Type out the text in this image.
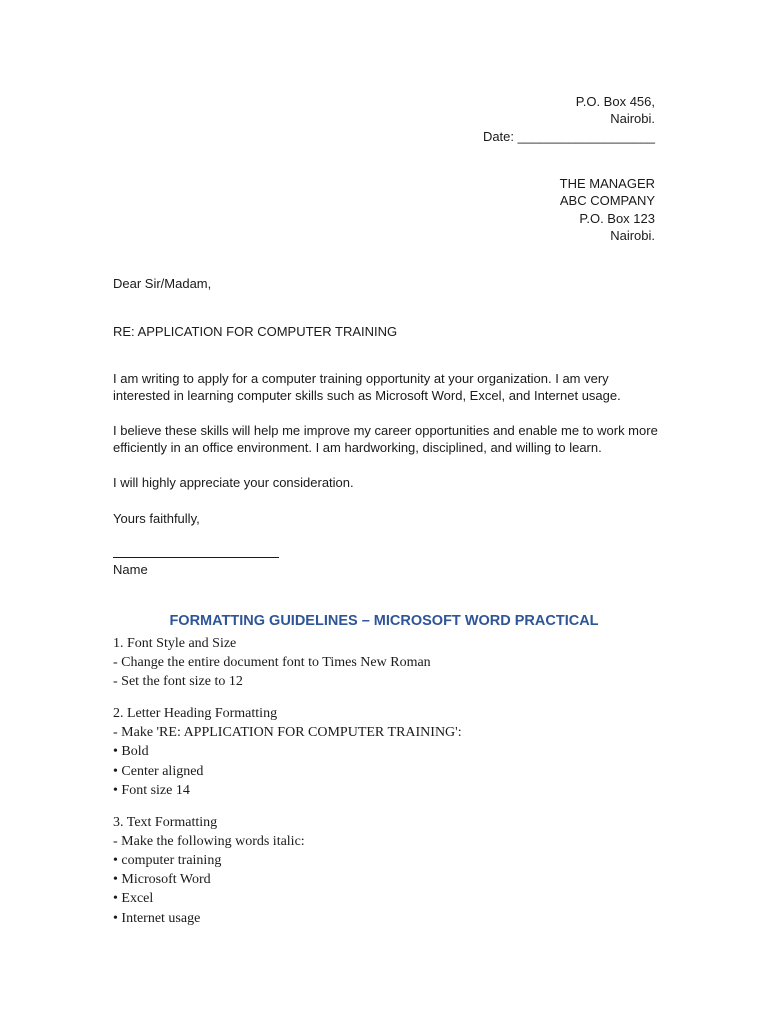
P.O. Box 456,

Nairobi.

Date: ___________________

THE MANAGER

ABC COMPANY

P.O. Box 123

Nairobi.

Dear Sir/Madam,

RE: APPLICATION FOR COMPUTER TRAINING

I am writing to apply for a computer training opportunity at your organization. I am very
interested in learning computer skills such as Microsoft Word, Excel, and Internet usage.

I believe these skills will help me improve my career opportunities and enable me to work more
efficiently in an office environment. I am hardworking, disciplined, and willing to learn.

I will highly appreciate your consideration.

Yours faithfully,

Name

FORMATTING GUIDELINES – MICROSOFT WORD PRACTICAL

1. Font Style and Size

- Change the entire document font to Times New Roman

- Set the font size to 12

2. Letter Heading Formatting

- Make 'RE: APPLICATION FOR COMPUTER TRAINING':

• Bold

• Center aligned

• Font size 14

3. Text Formatting

- Make the following words italic:

• computer training

• Microsoft Word

• Excel

• Internet usage
